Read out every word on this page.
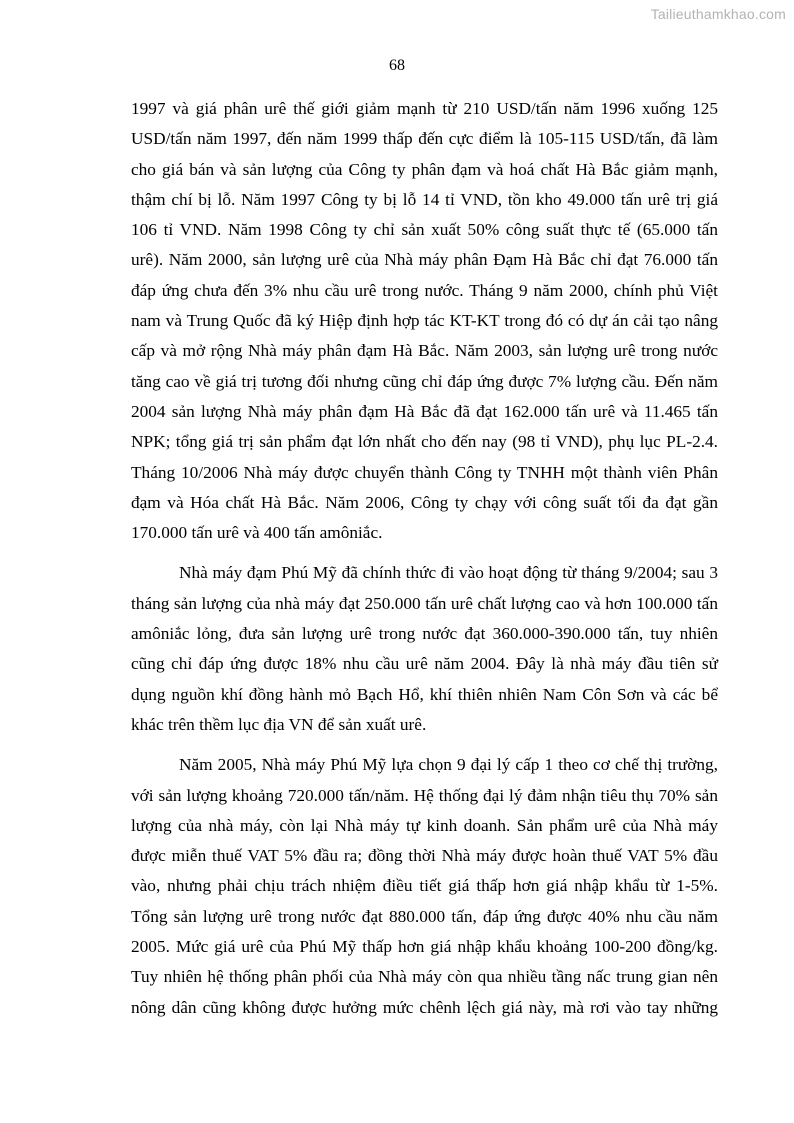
Tailieuthamkhao.com
68

1997 và giá phân urê thế giới giảm mạnh từ 210 USD/tấn năm 1996 xuống 125
USD/tấn năm 1997, đến năm 1999 thấp đến cực điểm là 105-115 USD/tấn, đã làm
cho giá bán và sản lượng của Công ty phân đạm và hoá chất Hà Bắc giảm mạnh,
thậm chí bị lỗ. Năm 1997 Công ty bị lỗ 14 tỉ VND, tồn kho 49.000 tấn urê trị giá
106 tỉ VND. Năm 1998 Công ty chỉ sản xuất 50% công suất thực tế (65.000 tấn
urê). Năm 2000, sản lượng urê của Nhà máy phân Đạm Hà Bắc chỉ đạt 76.000 tấn
đáp ứng chưa đến 3% nhu cầu urê trong nước. Tháng 9 năm 2000, chính phủ Việt
nam và Trung Quốc đã ký Hiệp định hợp tác KT-KT trong đó có dự án cải tạo nâng
cấp và mở rộng Nhà máy phân đạm Hà Bắc. Năm 2003, sản lượng urê trong nước
tăng cao về giá trị tương đối nhưng cũng chỉ đáp ứng được 7% lượng cầu. Đến năm
2004 sản lượng Nhà máy phân đạm Hà Bắc đã đạt 162.000 tấn urê và 11.465 tấn
NPK; tổng giá trị sản phẩm đạt lớn nhất cho đến nay (98 tỉ VND), phụ lục PL-2.4.
Tháng 10/2006 Nhà máy được chuyển thành Công ty TNHH một thành viên Phân
đạm và Hóa chất Hà Bắc. Năm 2006, Công ty chạy với công suất tối đa đạt gần
170.000 tấn urê và 400 tấn amôniắc.

Nhà máy đạm Phú Mỹ đã chính thức đi vào hoạt động từ tháng 9/2004; sau 3
tháng sản lượng của nhà máy đạt 250.000 tấn urê chất lượng cao và hơn 100.000 tấn
amôniắc lỏng, đưa sản lượng urê trong nước đạt 360.000-390.000 tấn, tuy nhiên
cũng chỉ đáp ứng được 18% nhu cầu urê năm 2004. Đây là nhà máy đầu tiên sử
dụng nguồn khí đồng hành mỏ Bạch Hổ, khí thiên nhiên Nam Côn Sơn và các bể
khác trên thềm lục địa VN để sản xuất urê.

Năm 2005, Nhà máy Phú Mỹ lựa chọn 9 đại lý cấp 1 theo cơ chế thị trường,
với sản lượng khoảng 720.000 tấn/năm. Hệ thống đại lý đảm nhận tiêu thụ 70% sản
lượng của nhà máy, còn lại Nhà máy tự kinh doanh. Sản phẩm urê của Nhà máy
được miễn thuế VAT 5% đầu ra; đồng thời Nhà máy được hoàn thuế VAT 5% đầu
vào, nhưng phải chịu trách nhiệm điều tiết giá thấp hơn giá nhập khẩu từ 1-5%.
Tổng sản lượng urê trong nước đạt 880.000 tấn, đáp ứng được 40% nhu cầu năm
2005. Mức giá urê của Phú Mỹ thấp hơn giá nhập khẩu khoảng 100-200 đồng/kg.
Tuy nhiên hệ thống phân phối của Nhà máy còn qua nhiều tầng nấc trung gian nên
nông dân cũng không được hưởng mức chênh lệch giá này, mà rơi vào tay những
